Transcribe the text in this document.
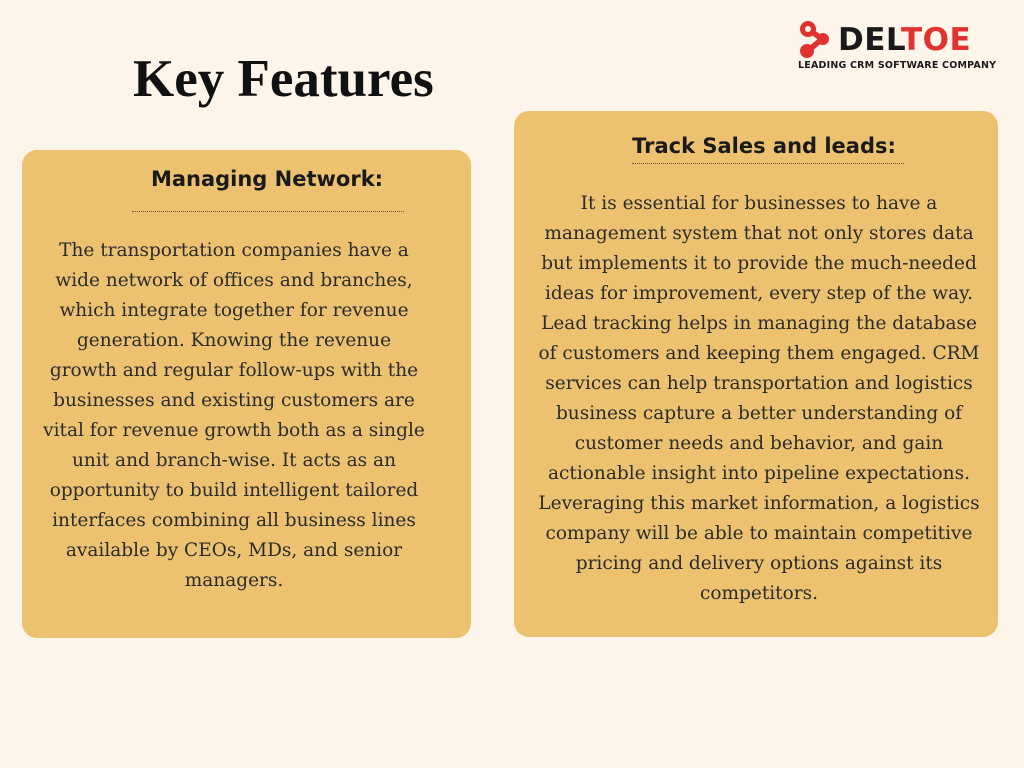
Key Features
DELTOE
LEADING CRM SOFTWARE COMPANY
Managing Network:

The transportation companies have a wide network of offices and branches, which integrate together for revenue generation. Knowing the revenue growth and regular follow-ups with the businesses and existing customers are vital for revenue growth both as a single unit and branch-wise. It acts as an opportunity to build intelligent tailored interfaces combining all business lines available by CEOs, MDs, and senior managers.

Track Sales and leads:

It is essential for businesses to have a management system that not only stores data but implements it to provide the much-needed ideas for improvement, every step of the way. Lead tracking helps in managing the database of customers and keeping them engaged. CRM services can help transportation and logistics business capture a better understanding of customer needs and behavior, and gain actionable insight into pipeline expectations. Leveraging this market information, a logistics company will be able to maintain competitive pricing and delivery options against its competitors.
